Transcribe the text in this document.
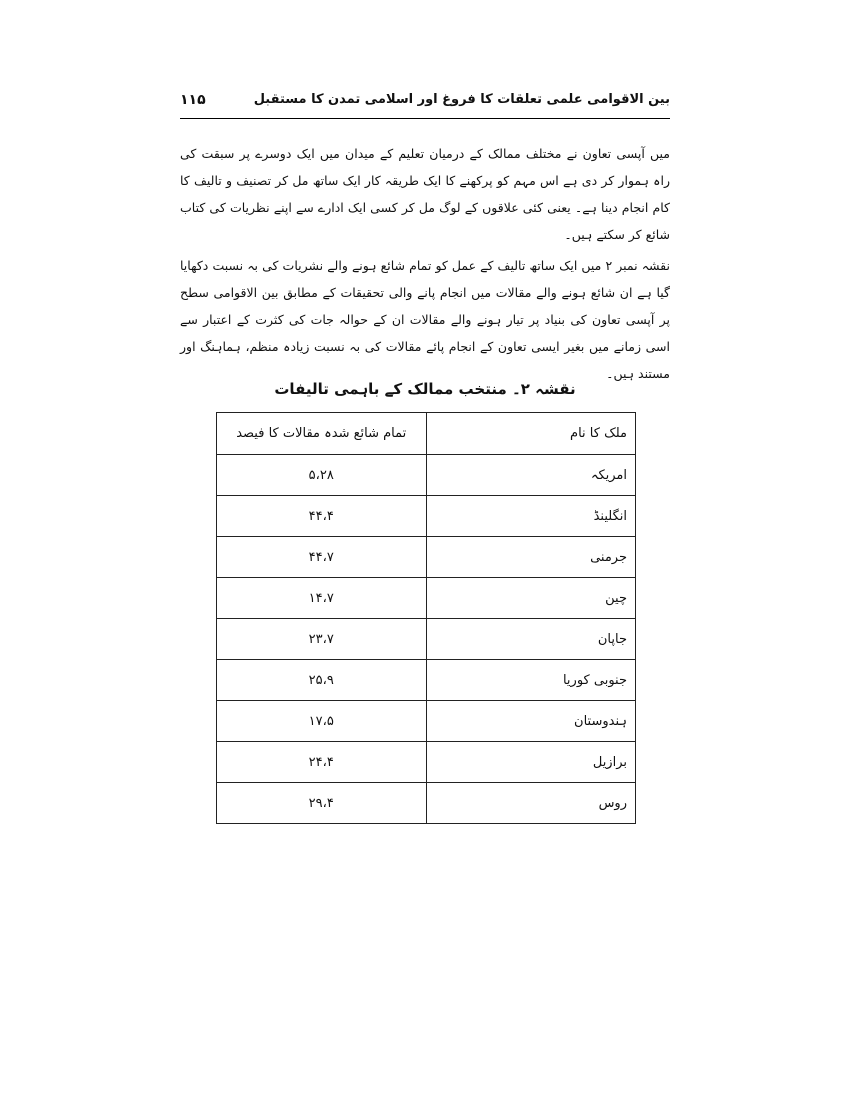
۱۱۵	بین الاقوامی علمی تعلقات کا فروغ اور اسلامی تمدن کا مستقبل

میں آپسی تعاون نے مختلف ممالک کے درمیان تعلیم کے میدان میں ایک دوسرے پر سبقت کی راہ ہموار کر دی ہے اس مہم کو پرکھنے کا ایک طریقہ کار ایک ساتھ مل کر تصنیف و تالیف کا کام انجام دینا ہے۔ یعنی کئی علاقوں کے لوگ مل کر کسی ایک ادارے سے اپنے نظریات کی کتاب شائع کر سکتے ہیں۔

نقشہ نمبر ۲ میں ایک ساتھ تالیف کے عمل کو تمام شائع ہونے والے نشریات کی بہ نسبت دکھایا گیا ہے ان شائع ہونے والے مقالات میں انجام پانے والی تحقیقات کے مطابق بین الاقوامی سطح پر آپسی تعاون کی بنیاد پر تیار ہونے والے مقالات ان کے حوالہ جات کی کثرت کے اعتبار سے اسی زمانے میں بغیر ایسی تعاون کے انجام پائے مقالات کی بہ نسبت زیادہ منظم، ہماہنگ اور مستند ہیں۔

نقشہ ۲۔ منتخب ممالک کے باہمی تالیفات
ملک کا نام	تمام شائع شدہ مقالات کا فیصد
امریکہ	۵،۲۸
انگلینڈ	۴۴،۴
جرمنی	۴۴،۷
چین	۱۴،۷
جاپان	۲۳،۷
جنوبی کوریا	۲۵،۹
ہندوستان	۱۷،۵
برازیل	۲۴،۴
روس	۲۹،۴
